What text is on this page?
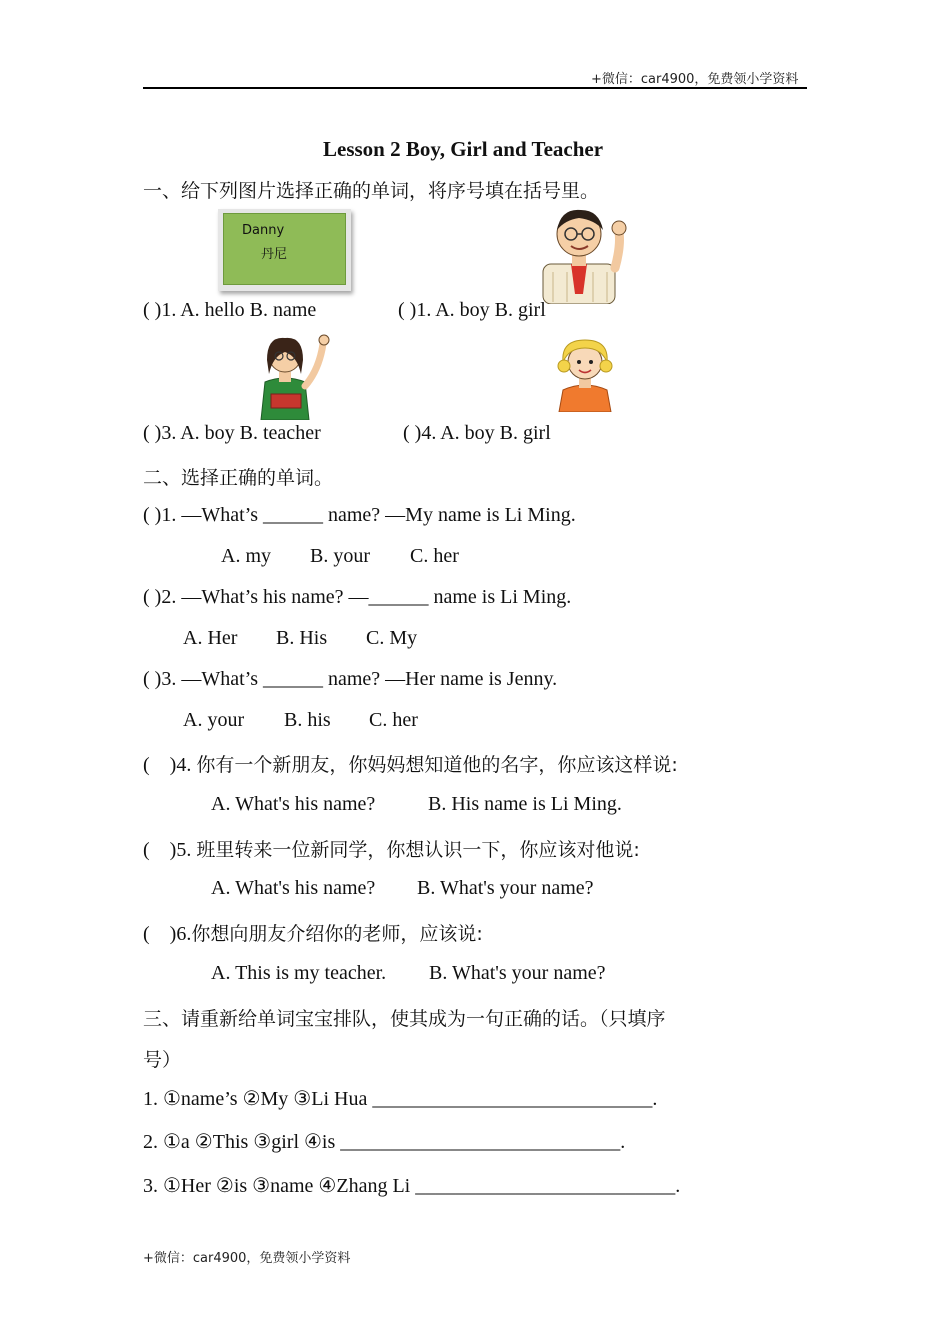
+微信：car4900，免费领小学资料
Lesson 2 Boy, Girl and Teacher
一、给下列图片选择正确的单词，将序号填在括号里。
Danny
丹尼
( )1. A. hello B. name	( )1. A. boy B. girl
( )3. A. boy B. teacher	( )4. A. boy B. girl
二、选择正确的单词。
( )1. —What’s ______ name? —My name is Li Ming.
A. my B. your C. her
( )2. —What’s his name? —______ name is Li Ming.
A. Her B. His C. My
( )3. —What’s ______ name? —Her name is Jenny.
A. your B. his C. her
(    )4. 你有一个新朋友，你妈妈想知道他的名字，你应该这样说:
A. What's his name?	B. His name is Li Ming.
(    )5. 班里转来一位新同学，你想认识一下，你应该对他说:
A. What's his name? B. What's your name?
(    )6.你想向朋友介绍你的老师，应该说:
A. This is my teacher. B. What's your name?
三、请重新给单词宝宝排队，使其成为一句正确的话。（只填序
号）
1. ①name’s ②My ③Li Hua ____________________________.
2. ①a ②This ③girl ④is ____________________________.
3. ①Her ②is ③name ④Zhang Li __________________________.
+微信：car4900，免费领小学资料
